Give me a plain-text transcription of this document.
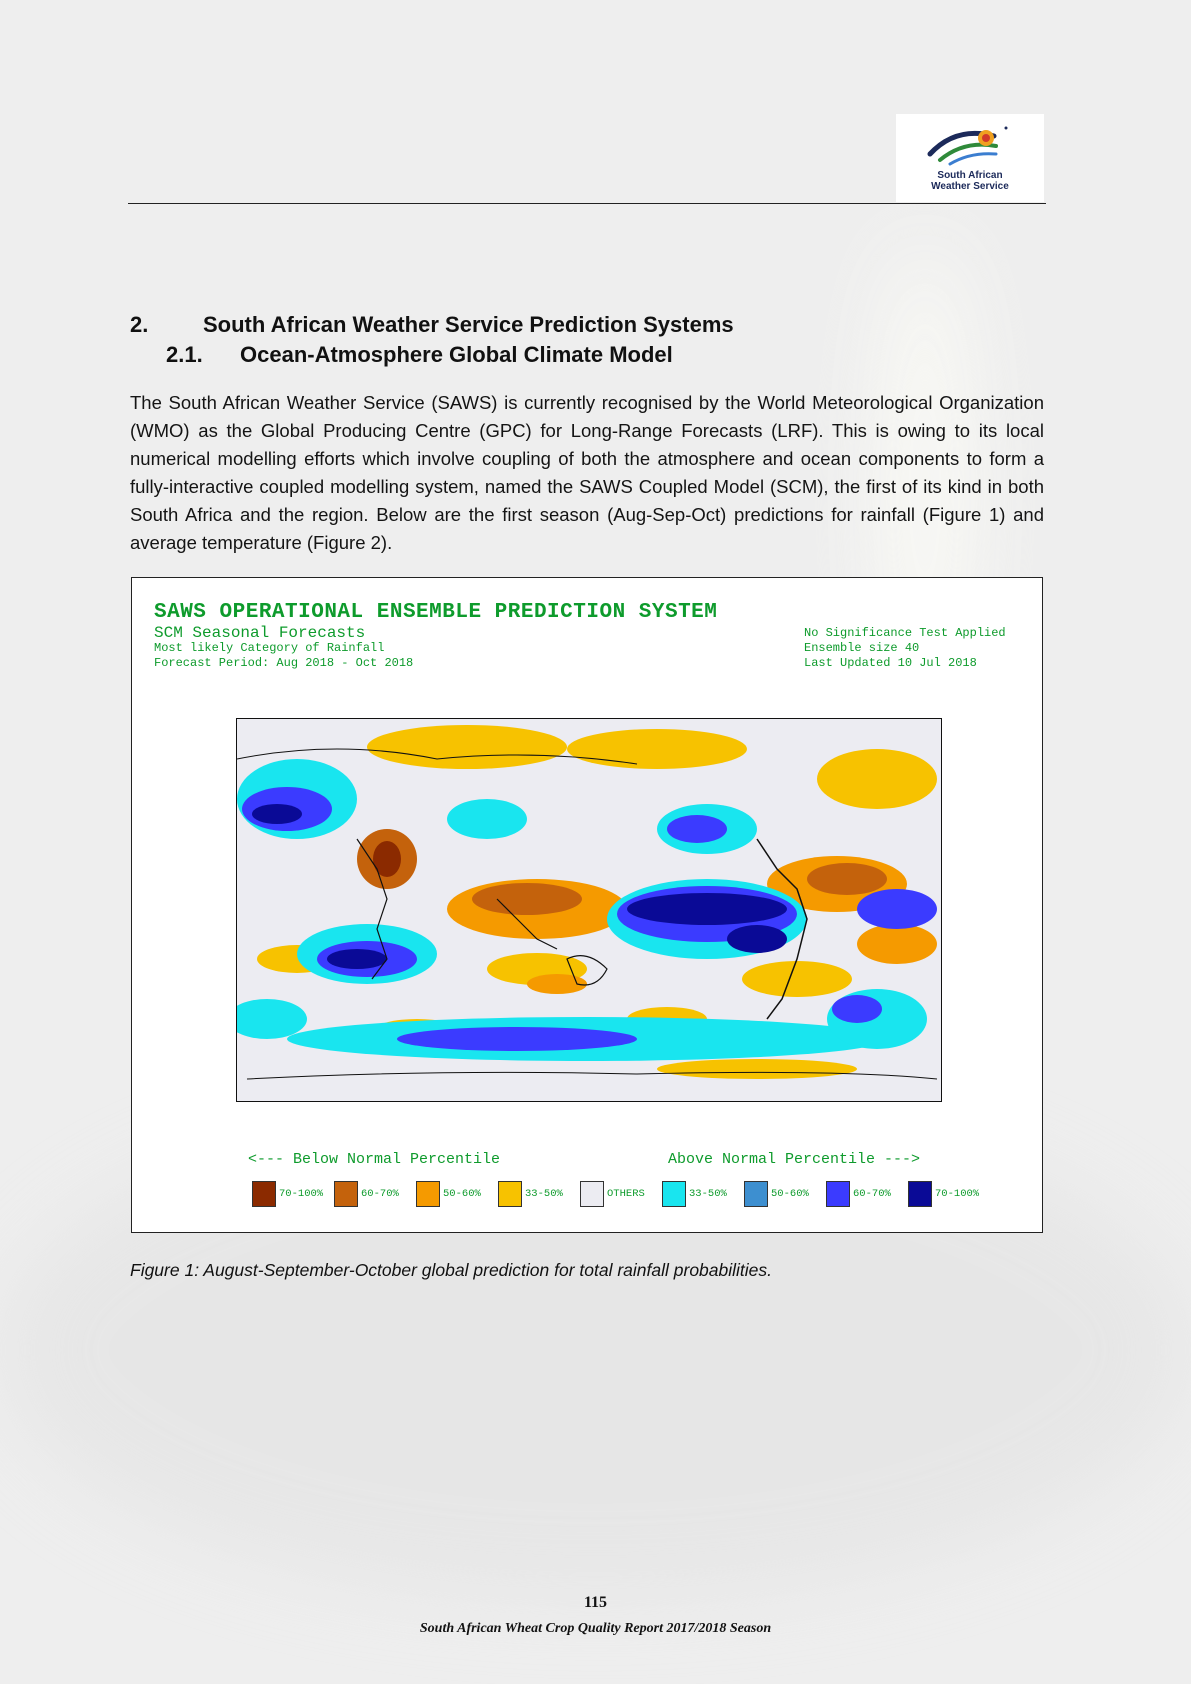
South African
Weather Service
2. South African Weather Service Prediction Systems
2.1. Ocean-Atmosphere Global Climate Model
The South African Weather Service (SAWS) is currently recognised by the World Meteorological Organization (WMO) as the Global Producing Centre (GPC) for Long-Range Forecasts (LRF). This is owing to its local numerical modelling efforts which involve coupling of both the atmosphere and ocean components to form a fully-interactive coupled modelling system, named the SAWS Coupled Model (SCM), the first of its kind in both South Africa and the region. Below are the first season (Aug-Sep-Oct) predictions for rainfall (Figure 1) and average temperature (Figure 2).
SAWS OPERATIONAL ENSEMBLE PREDICTION SYSTEM
SCM Seasonal Forecasts
Most likely Category of Rainfall
Forecast Period: Aug 2018 - Oct 2018
No Significance Test Applied
Ensemble size 40
Last Updated 10 Jul 2018
<--- Below Normal Percentile	Above Normal Percentile --->
70-100%	60-70%	50-60%	33-50%	OTHERS	33-50%	50-60%	60-70%	70-100%
Figure 1: August-September-October global prediction for total rainfall probabilities.
115
South African Wheat Crop Quality Report 2017/2018 Season
